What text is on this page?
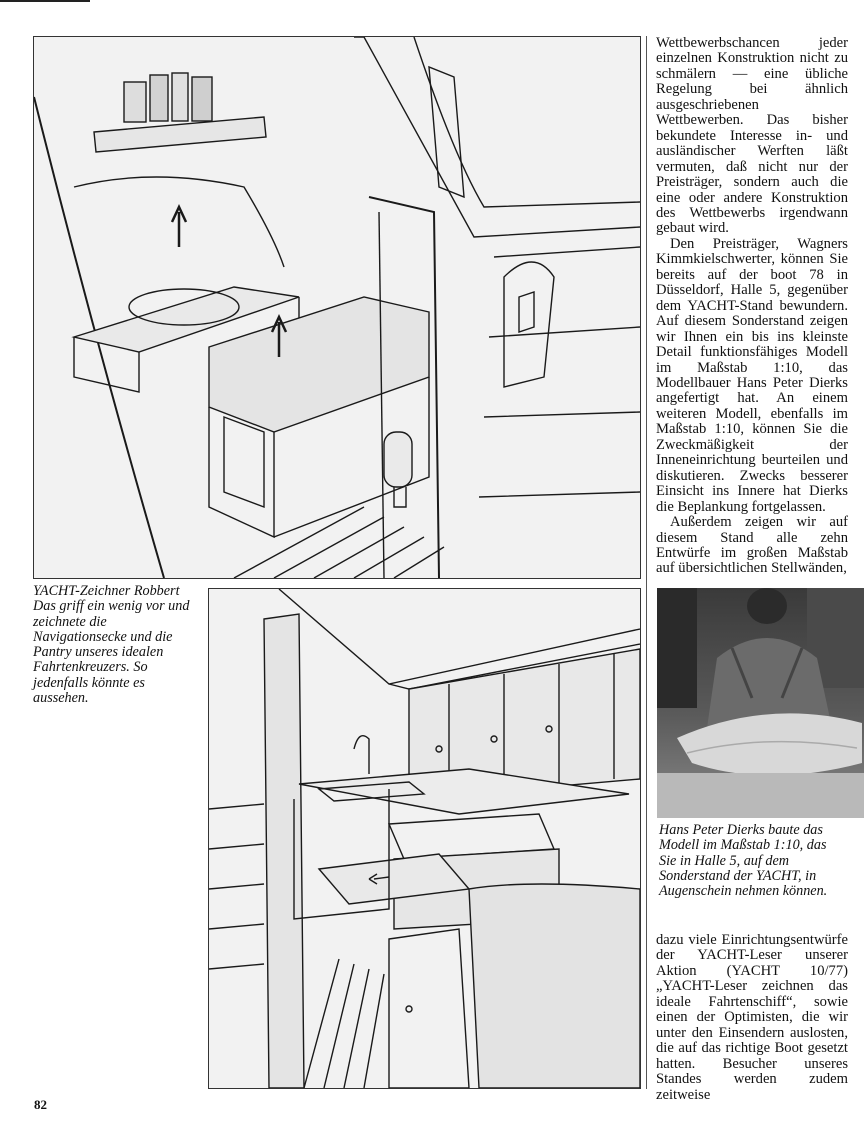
YACHT-Zeichner Robbert Das griff ein wenig vor und zeichnete die Navigationsecke und die Pantry unseres idealen Fahrtenkreuzers. So jedenfalls könnte es aussehen.

Wettbewerbschancen jeder einzelnen Konstruktion nicht zu schmälern — eine übliche Regelung bei ähnlich ausgeschriebenen Wettbewerben. Das bisher bekundete Interesse in- und ausländischer Werften läßt vermuten, daß nicht nur der Preisträger, sondern auch die eine oder andere Konstruktion des Wettbewerbs irgendwann gebaut wird.

Den Preisträger, Wagners Kimmkielschwerter, können Sie bereits auf der boot 78 in Düsseldorf, Halle 5, gegenüber dem YACHT-Stand bewundern. Auf diesem Sonderstand zeigen wir Ihnen ein bis ins kleinste Detail funktionsfähiges Modell im Maßstab 1:10, das Modellbauer Hans Peter Dierks angefertigt hat. An einem weiteren Modell, ebenfalls im Maßstab 1:10, können Sie die Zweckmäßigkeit der Inneneinrichtung beurteilen und diskutieren. Zwecks besserer Einsicht ins Innere hat Dierks die Beplankung fortgelassen.

Außerdem zeigen wir auf diesem Stand alle zehn Entwürfe im großen Maßstab auf übersichtlichen Stellwänden,

Hans Peter Dierks baute das Modell im Maßstab 1:10, das Sie in Halle 5, auf dem Sonderstand der YACHT, in Augenschein nehmen können.

dazu viele Einrichtungsentwürfe der YACHT-Leser unserer Aktion (YACHT 10/77) „YACHT-Leser zeichnen das ideale Fahrtenschiff“, sowie einen der Optimisten, die wir unter den Einsendern auslosten, die auf das richtige Boot gesetzt hatten. Besucher unseres Standes werden zudem zeitweise

82
